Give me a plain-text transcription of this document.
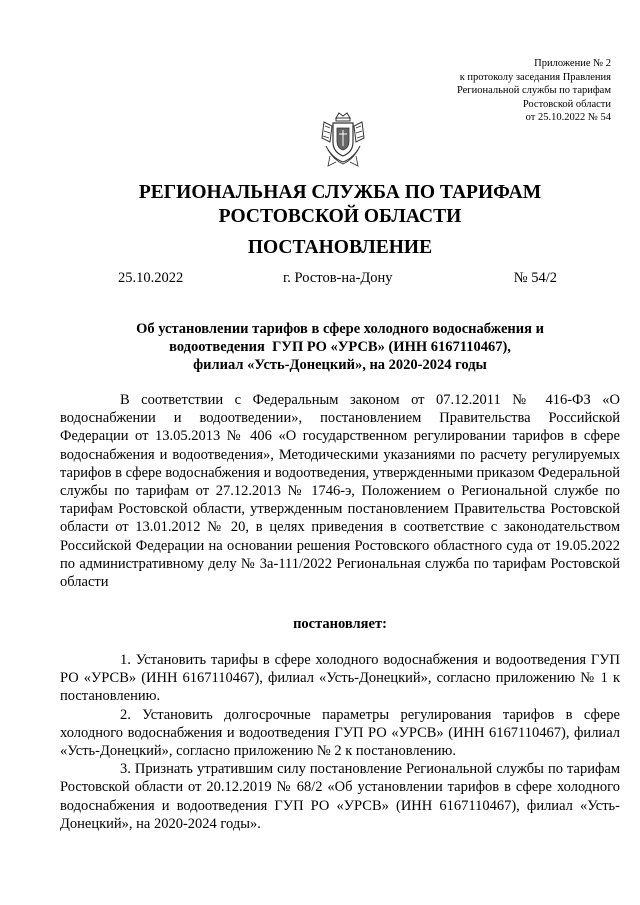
Приложение № 2
к протоколу заседания Правления
Региональной службы по тарифам
Ростовской области
от 25.10.2022 № 54
РЕГИОНАЛЬНАЯ СЛУЖБА ПО ТАРИФАМ
РОСТОВСКОЙ ОБЛАСТИ
ПОСТАНОВЛЕНИЕ
25.10.2022	г. Ростов-на-Дону	№ 54/2
Об установлении тарифов в сфере холодного водоснабжения и
водоотведения  ГУП РО «УРСВ» (ИНН 6167110467),
филиал «Усть-Донецкий», на 2020-2024 годы
В соответствии с Федеральным законом от 07.12.2011 № 416-ФЗ «О водоснабжении и водоотведении», постановлением Правительства Российской Федерации от 13.05.2013 № 406 «О государственном регулировании тарифов в сфере водоснабжения и водоотведения», Методическими указаниями по расчету регулируемых тарифов в сфере водоснабжения и водоотведения, утвержденными приказом Федеральной службы по тарифам от 27.12.2013 № 1746-э, Положением о Региональной службе по тарифам Ростовской области, утвержденным постановлением Правительства Ростовской области от 13.01.2012 № 20, в целях приведения в соответствие с законодательством Российской Федерации на основании решения Ростовского областного суда от 19.05.2022 по административному делу № 3а-111/2022 Региональная служба по тарифам Ростовской области
постановляет:

1. Установить тарифы в сфере холодного водоснабжения и водоотведения ГУП РО «УРСВ» (ИНН 6167110467), филиал «Усть-Донецкий», согласно приложению № 1 к постановлению.

2. Установить долгосрочные параметры регулирования тарифов в сфере холодного водоснабжения и водоотведения ГУП РО «УРСВ» (ИНН 6167110467), филиал «Усть-Донецкий», согласно приложению № 2 к постановлению.

3. Признать утратившим силу постановление Региональной службы по тарифам Ростовской области от 20.12.2019 № 68/2 «Об установлении тарифов в сфере холодного водоснабжения и водоотведения ГУП РО «УРСВ» (ИНН 6167110467), филиал «Усть-Донецкий», на 2020-2024 годы».
